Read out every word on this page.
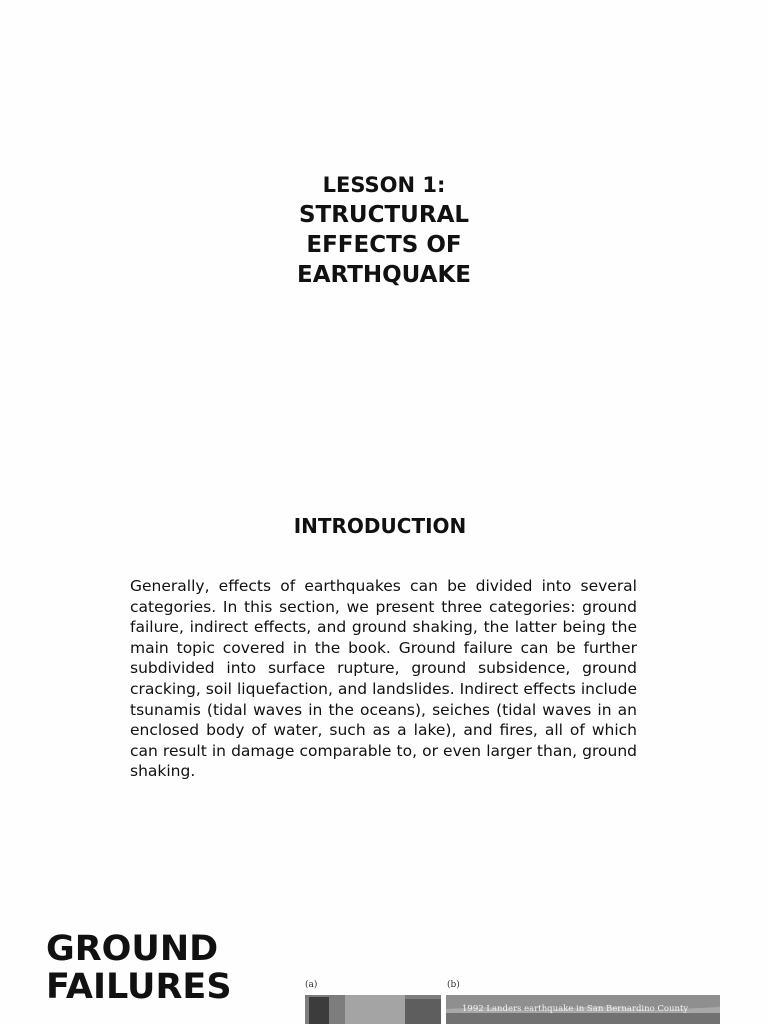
LESSON 1:
STRUCTURAL EFFECTS OF EARTHQUAKE
INTRODUCTION

Generally, effects of earthquakes can be divided into several categories. In this section, we present three categories: ground failure, indirect effects, and ground shaking, the latter being the main topic covered in the book. Ground failure can be further subdivided into surface rupture, ground subsidence, ground cracking, soil liquefaction, and landslides. Indirect effects include tsunamis (tidal waves in the oceans), seiches (tidal waves in an enclosed body of water, such as a lake), and fires, all of which can result in damage comparable to, or even larger than, ground shaking.

GROUND FAILURES	(a)	(b)
1992 Landers earthquake in San Bernardino County
